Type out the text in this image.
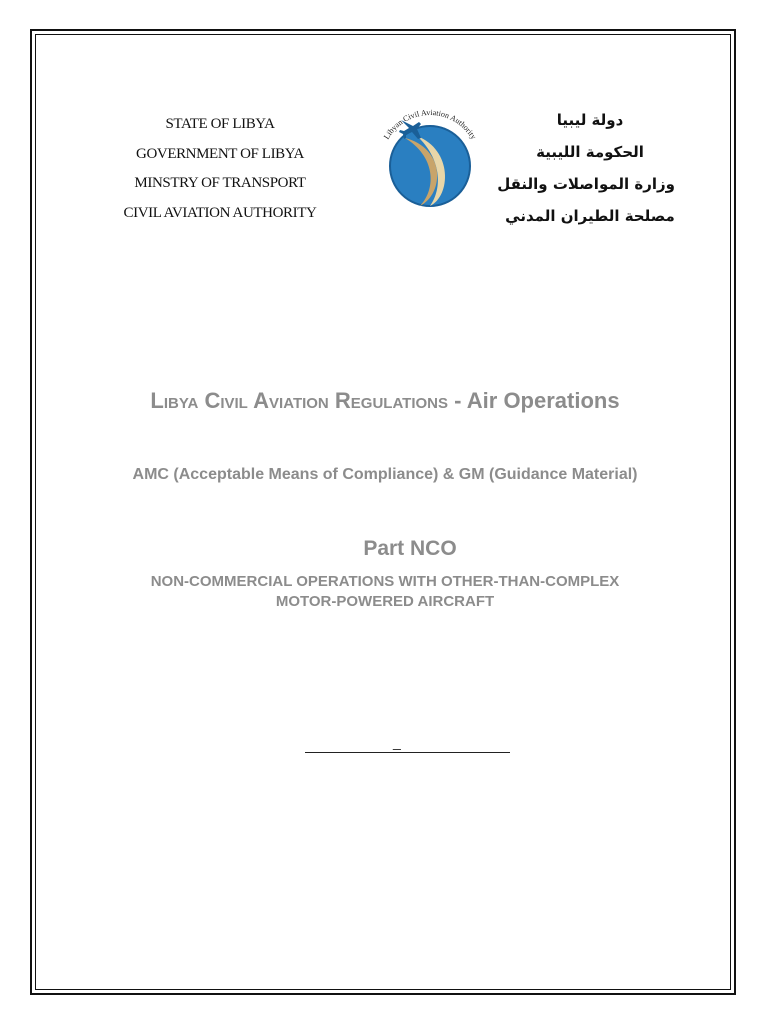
STATE OF LIBYA
GOVERNMENT OF LIBYA
MINSTRY OF TRANSPORT
CIVIL AVIATION AUTHORITY
Libyan Civil Aviation Authority
دولة ليبيا
الحكومة الليبية
وزارة المواصلات والنقل
مصلحة الطيران المدني
Libya Civil Aviation Regulations - Air Operations
AMC (Acceptable Means of Compliance) & GM (Guidance Material)
Part NCO
NON-COMMERCIAL OPERATIONS WITH OTHER-THAN-COMPLEX
MOTOR-POWERED AIRCRAFT
_
